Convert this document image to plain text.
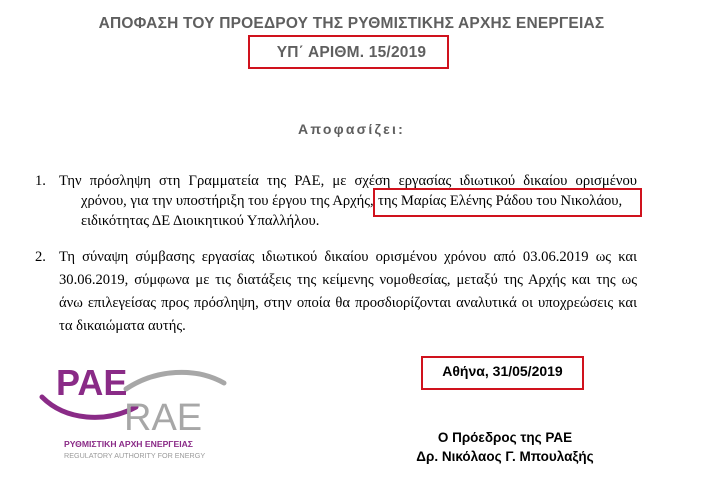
ΑΠΟΦΑΣΗ ΤΟΥ ΠΡΟΕΔΡΟΥ ΤΗΣ ΡΥΘΜΙΣΤΙΚΗΣ ΑΡΧΗΣ ΕΝΕΡΓΕΙΑΣ
ΥΠ΄ ΑΡΙΘΜ. 15/2019
Αποφασίζει:
1. Την πρόσληψη στη Γραμματεία της ΡΑΕ, με σχέση εργασίας ιδιωτικού δικαίου ορισμένου
χρόνου, για την υποστήριξη του έργου της Αρχής, της Μαρίας Ελένης Ράδου του Νικολάου,
ειδικότητας ΔΕ Διοικητικού Υπαλλήλου.
2. Τη σύναψη σύμβασης εργασίας ιδιωτικού δικαίου ορισμένου χρόνου από 03.06.2019 ως και
30.06.2019, σύμφωνα με τις διατάξεις της κείμενης νομοθεσίας, μεταξύ της Αρχής και της ως
άνω επιλεγείσας προς πρόσληψη, στην οποία θα προσδιορίζονται αναλυτικά οι υποχρεώσεις και
τα δικαιώματα αυτής.
Αθήνα, 31/05/2019
Ο Πρόεδρος της ΡΑΕ
Δρ. Νικόλαος Γ. Μπουλαξής
ΡΑΕ
RAE
ΡΥΘΜΙΣΤΙΚΗ ΑΡΧΗ ΕΝΕΡΓΕΙΑΣ
REGULATORY AUTHORITY FOR ENERGY
